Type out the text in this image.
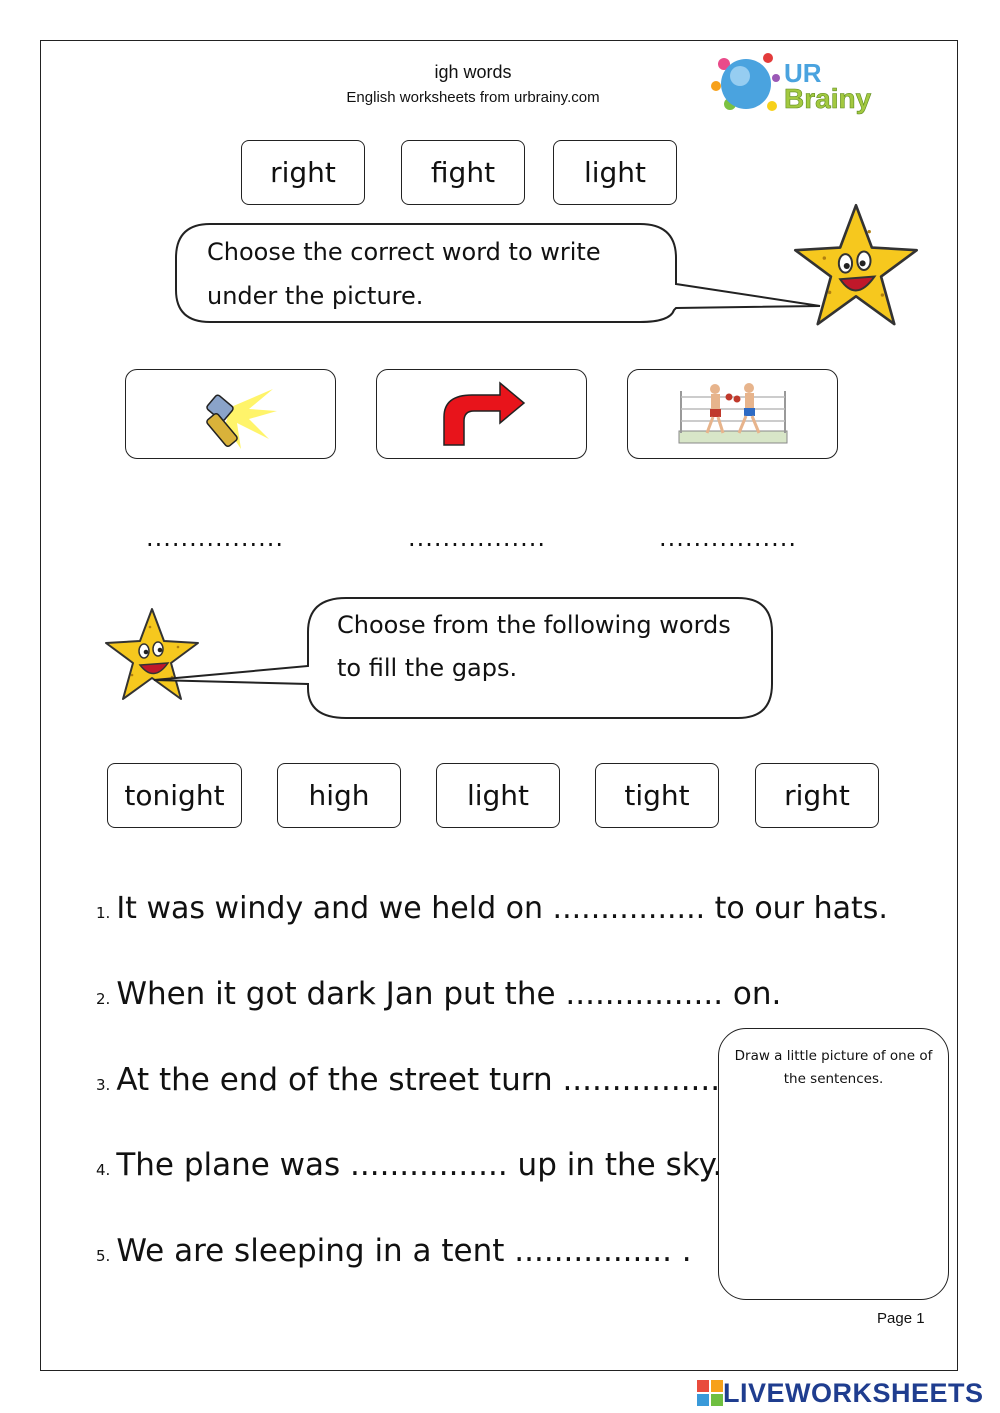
igh words
English worksheets from urbrainy.com
UR
Brainy
right	fight	light
Choose the correct word to write
under the picture.
................	................	................
Choose from the following words
to fill the gaps.
tonight	high	light	tight	right
1. It was windy and we held on ................ to our hats.
2. When it got dark Jan put the ................ on.
3. At the end of the street turn ................
4. The plane was ................ up in the sky.
5. We are sleeping in a tent ................ .
Draw a little picture of one of the sentences.
Page 1
LIVEWORKSHEETS
